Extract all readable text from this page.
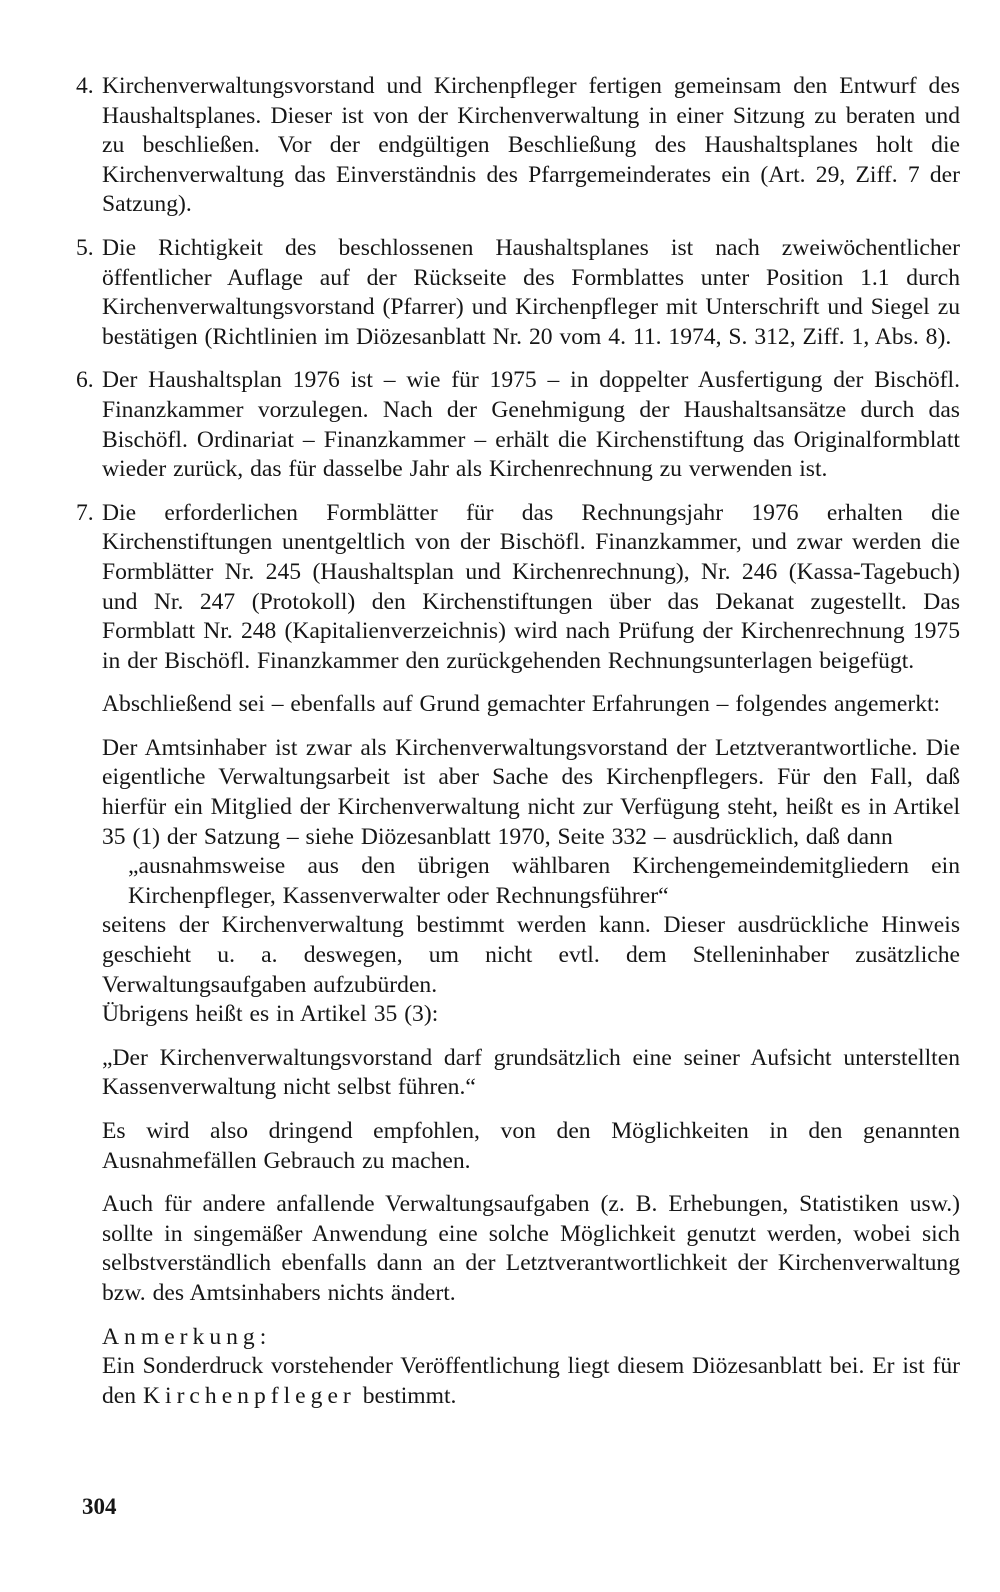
4. Kirchenverwaltungsvorstand und Kirchenpfleger fertigen gemeinsam den Entwurf des Haushaltsplanes. Dieser ist von der Kirchenverwaltung in einer Sitzung zu beraten und zu beschließen. Vor der endgültigen Beschließung des Haushaltsplanes holt die Kirchenverwaltung das Einverständnis des Pfarrgemeinderates ein (Art. 29, Ziff. 7 der Satzung).

5. Die Richtigkeit des beschlossenen Haushaltsplanes ist nach zweiwöchentlicher öffentlicher Auflage auf der Rückseite des Formblattes unter Position 1.1 durch Kirchenverwaltungsvorstand (Pfarrer) und Kirchenpfleger mit Unterschrift und Siegel zu bestätigen (Richtlinien im Diözesanblatt Nr. 20 vom 4. 11. 1974, S. 312, Ziff. 1, Abs. 8).

6. Der Haushaltsplan 1976 ist – wie für 1975 – in doppelter Ausfertigung der Bischöfl. Finanzkammer vorzulegen. Nach der Genehmigung der Haushaltsansätze durch das Bischöfl. Ordinariat – Finanzkammer – erhält die Kirchenstiftung das Originalformblatt wieder zurück, das für dasselbe Jahr als Kirchenrechnung zu verwenden ist.

7. Die erforderlichen Formblätter für das Rechnungsjahr 1976 erhalten die Kirchenstiftungen unentgeltlich von der Bischöfl. Finanzkammer, und zwar werden die Formblätter Nr. 245 (Haushaltsplan und Kirchenrechnung), Nr. 246 (Kassa-Tagebuch) und Nr. 247 (Protokoll) den Kirchenstiftungen über das Dekanat zugestellt. Das Formblatt Nr. 248 (Kapitalienverzeichnis) wird nach Prüfung der Kirchenrechnung 1975 in der Bischöfl. Finanzkammer den zurückgehenden Rechnungsunterlagen beigefügt.

Abschließend sei – ebenfalls auf Grund gemachter Erfahrungen – folgendes angemerkt:

Der Amtsinhaber ist zwar als Kirchenverwaltungsvorstand der Letztverantwortliche. Die eigentliche Verwaltungsarbeit ist aber Sache des Kirchenpflegers. Für den Fall, daß hierfür ein Mitglied der Kirchenverwaltung nicht zur Verfügung steht, heißt es in Artikel 35 (1) der Satzung – siehe Diözesanblatt 1970, Seite 332 – ausdrücklich, daß dann

„ausnahmsweise aus den übrigen wählbaren Kirchengemeindemitgliedern ein Kirchenpfleger, Kassenverwalter oder Rechnungsführer“

seitens der Kirchenverwaltung bestimmt werden kann. Dieser ausdrückliche Hinweis geschieht u. a. deswegen, um nicht evtl. dem Stelleninhaber zusätzliche Verwaltungsaufgaben aufzubürden.

Übrigens heißt es in Artikel 35 (3):

„Der Kirchenverwaltungsvorstand darf grundsätzlich eine seiner Aufsicht unterstellten Kassenverwaltung nicht selbst führen.“

Es wird also dringend empfohlen, von den Möglichkeiten in den genannten Ausnahmefällen Gebrauch zu machen.

Auch für andere anfallende Verwaltungsaufgaben (z. B. Erhebungen, Statistiken usw.) sollte in singemäßer Anwendung eine solche Möglichkeit genutzt werden, wobei sich selbstverständlich ebenfalls dann an der Letztverantwortlichkeit der Kirchenverwaltung bzw. des Amtsinhabers nichts ändert.

Anmerkung:

Ein Sonderdruck vorstehender Veröffentlichung liegt diesem Diözesanblatt bei. Er ist für den Kirchenpfleger bestimmt.

304
